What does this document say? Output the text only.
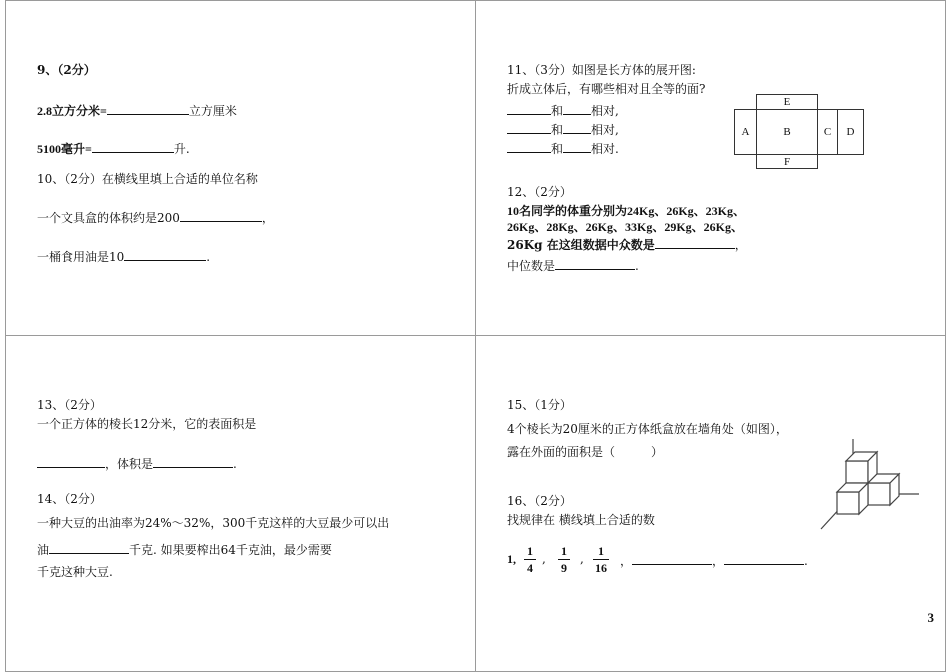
9、（2分）
2.8立方分米=	立方厘米
5100毫升=	升.
10、（2分）在横线里填上合适的单位名称
一个文具盒的体积约是200	，
一桶食用油是10	.
11、（3分）如图是长方体的展开图:
折成立体后，有哪些相对且全等的面?
和 相对,
和 相对,
和 相对.
E
A	B	C	D
F
12、（2分）
10名同学的体重分别为24Kg、26Kg、23Kg、
26Kg、28Kg、26Kg、33Kg、29Kg、26Kg、
26Kg 在这组数据中众数是	，
中位数是	.
13、（2分）
一个正方体的棱长12分米，它的表面积是
，体积是	.
14、（2分）
一种大豆的出油率为24%～32%，300千克这样的大豆最少可以出
油	千克. 如果要榨出64千克油，最少需要
千克这种大豆.
15、（1分）
4个棱长为20厘米的正方体纸盒放在墙角处（如图），
露在外面的面积是（　　　）
16、（2分）
找规律在 横线填上合适的数
1,
1
4
,
1
9
,
1
16 ，	，	.
3
